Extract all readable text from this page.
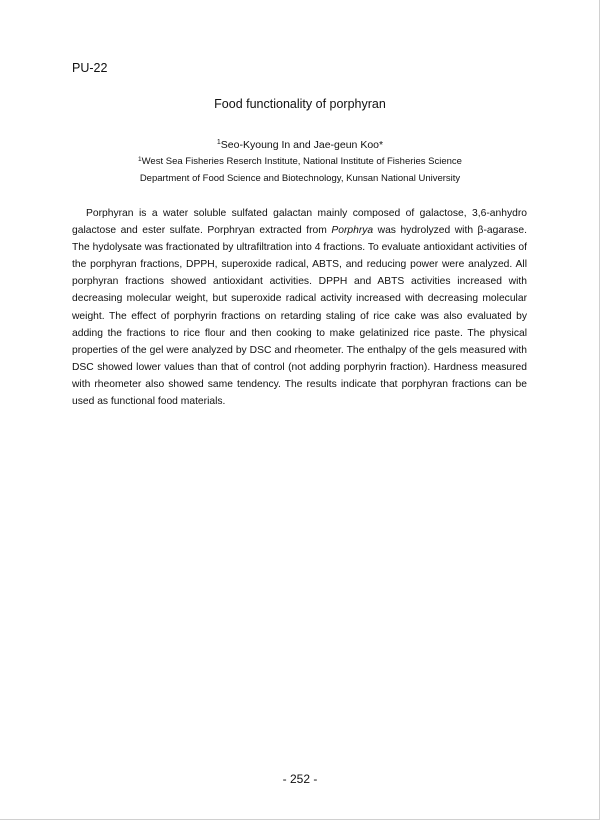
PU-22
Food functionality of porphyran
$^1$Seo-Kyoung In and Jae-geun Koo*
$^1$West Sea Fisheries Reserch Institute, National Institute of Fisheries Science
Department of Food Science and Biotechnology, Kunsan National University

Porphyran is a water soluble sulfated galactan mainly composed of galactose, 3,6-anhydro galactose and ester sulfate. Porphryan extracted from Porphrya was hydrolyzed with β-agarase. The hydolysate was fractionated by ultrafiltration into 4 fractions. To evaluate antioxidant activities of the porphyran fractions, DPPH, superoxide radical, ABTS, and reducing power were analyzed. All porphyran fractions showed antioxidant activities. DPPH and ABTS activities increased with decreasing molecular weight, but superoxide radical activity increased with decreasing molecular weight. The effect of porphyrin fractions on retarding staling of rice cake was also evaluated by adding the fractions to rice flour and then cooking to make gelatinized rice paste. The physical properties of the gel were analyzed by DSC and rheometer. The enthalpy of the gels measured with DSC showed lower values than that of control (not adding porphyrin fraction). Hardness measured with rheometer also showed same tendency. The results indicate that porphyran fractions can be used as functional food materials.

- 252 -
